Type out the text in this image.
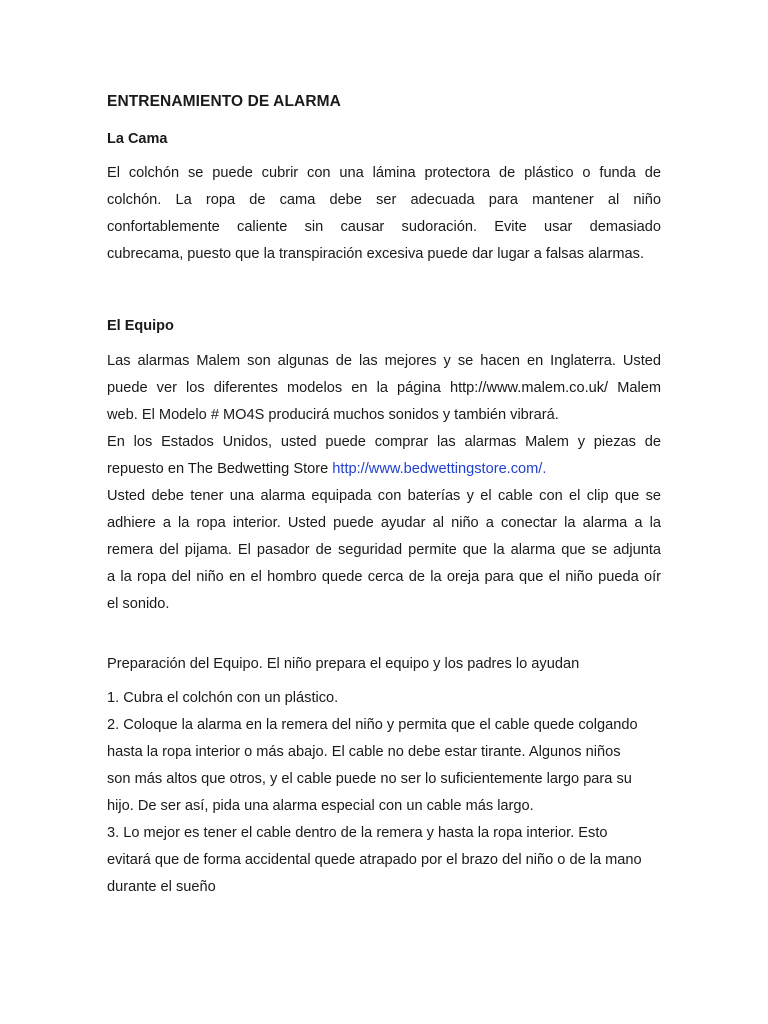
ENTRENAMIENTO DE ALARMA
La Cama
El colchón se puede cubrir con una lámina protectora de plástico o funda de
colchón. La ropa de cama debe ser adecuada para mantener al niño
confortablemente caliente sin causar sudoración. Evite usar demasiado
cubrecama, puesto que la transpiración excesiva puede dar lugar a falsas alarmas.
El Equipo
Las alarmas Malem son algunas de las mejores y se hacen en Inglaterra. Usted
puede ver los diferentes modelos en la página http://www.malem.co.uk/ Malem
web. El Modelo # MO4S producirá muchos sonidos y también vibrará.
En los Estados Unidos, usted puede comprar las alarmas Malem y piezas de
repuesto en The Bedwetting Store http://www.bedwettingstore.com/.
Usted debe tener una alarma equipada con baterías y el cable con el clip que se
adhiere a la ropa interior. Usted puede ayudar al niño a conectar la alarma a la
remera del pijama. El pasador de seguridad permite que la alarma que se adjunta
a la ropa del niño en el hombro quede cerca de la oreja para que el niño pueda oír
el sonido.
Preparación del Equipo. El niño prepara el equipo y los padres lo ayudan
1. Cubra el colchón con un plástico.
2. Coloque la alarma en la remera del niño y permita que el cable quede colgando
hasta la ropa interior o más abajo. El cable no debe estar tirante. Algunos niños
son más altos que otros, y el cable puede no ser lo suficientemente largo para su
hijo. De ser así, pida una alarma especial con un cable más largo.
3. Lo mejor es tener el cable dentro de la remera y hasta la ropa interior. Esto
evitará que de forma accidental quede atrapado por el brazo del niño o de la mano
durante el sueño
